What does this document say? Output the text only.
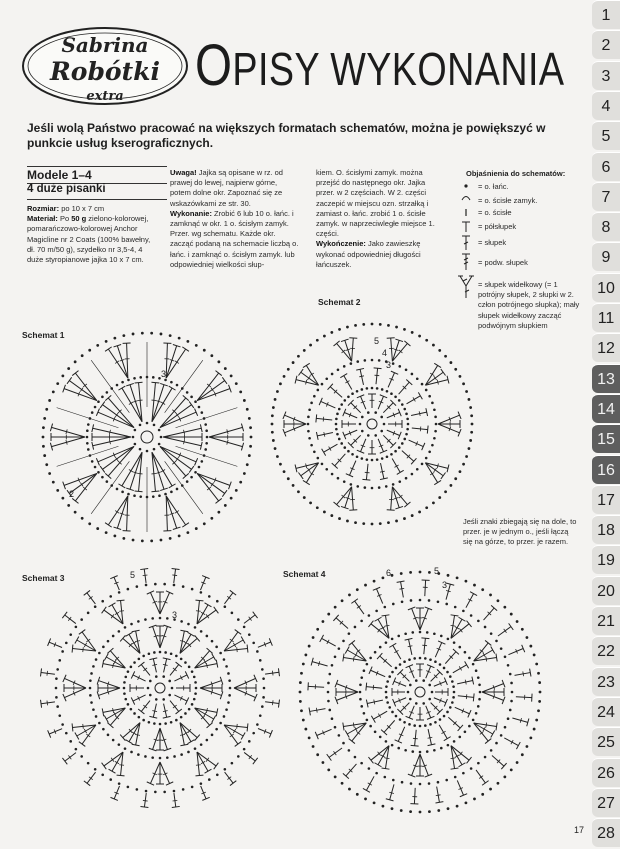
Sabrina
Robótki
extra	OPISY WYKONANIA
Jeśli wolą Państwo pracować na większych formatach schematów, można je powiększyć w punkcie usług kserograficznych.
Modele 1–4
4 duże pisanki
Rozmiar: po 10 x 7 cm
Materiał: Po 50 g zielono-kolorowej, pomarańczowo-kolorowej Anchor Magicline nr 2 Coats (100% bawełny, dł. 70 m/50 g), szydełko nr 3,5-4, 4 duże styropianowe jajka 10 x 7 cm.
Uwaga! Jajka są opisane w rz. od prawej do lewej, najpierw górne, potem dolne okr. Zapoznać się ze wskazówkami ze str. 30.
Wykonanie: Zrobić 6 lub 10 o. łańc. i zamknąć w okr. 1 o. ścisłym zamyk. Przer. wg schematu. Każde okr. zacząć podaną na schemacie liczbą o. łańc. i zamknąć o. ścisłym zamyk. lub odpowiedniej wielkości słup-
kiem. O. ścisłymi zamyk. można przejść do następnego okr. Jajka przer. w 2 częściach. W 2. części zaczepić w miejscu ozn. strzałką i zamiast o. łańc. zrobić 1 o. ścisłe zamyk. w naprzeciwległe miejsce 1. części.
Wykończenie: Jako zawieszkę wykonać odpowiedniej długości łańcuszek.
Objaśnienia do schematów:
= o. łańc.
= o. ścisłe zamyk.
= o. ścisłe
= półsłupek
= słupek
= podw. słupek
= słupek widełkowy (= 1 potrójny słupek, 2 słupki w 2. człon potrójnego słupka); mały słupek widełkowy zacząć podwójnym słupkiem
Schemat 1
Schemat 2
Schemat 3	Schemat 4
3
2
5
4
3
5
3
6	5
3
Jeśli znaki zbiegają się na dole, to przer. je w jednym o., jeśli łączą się na górze, to przer. je razem.
17
1
2
3
4
5
6
7
8
9
10
11
12
13
14
15
16
17
18
19
20
21
22
23
24
25
26
27
28
